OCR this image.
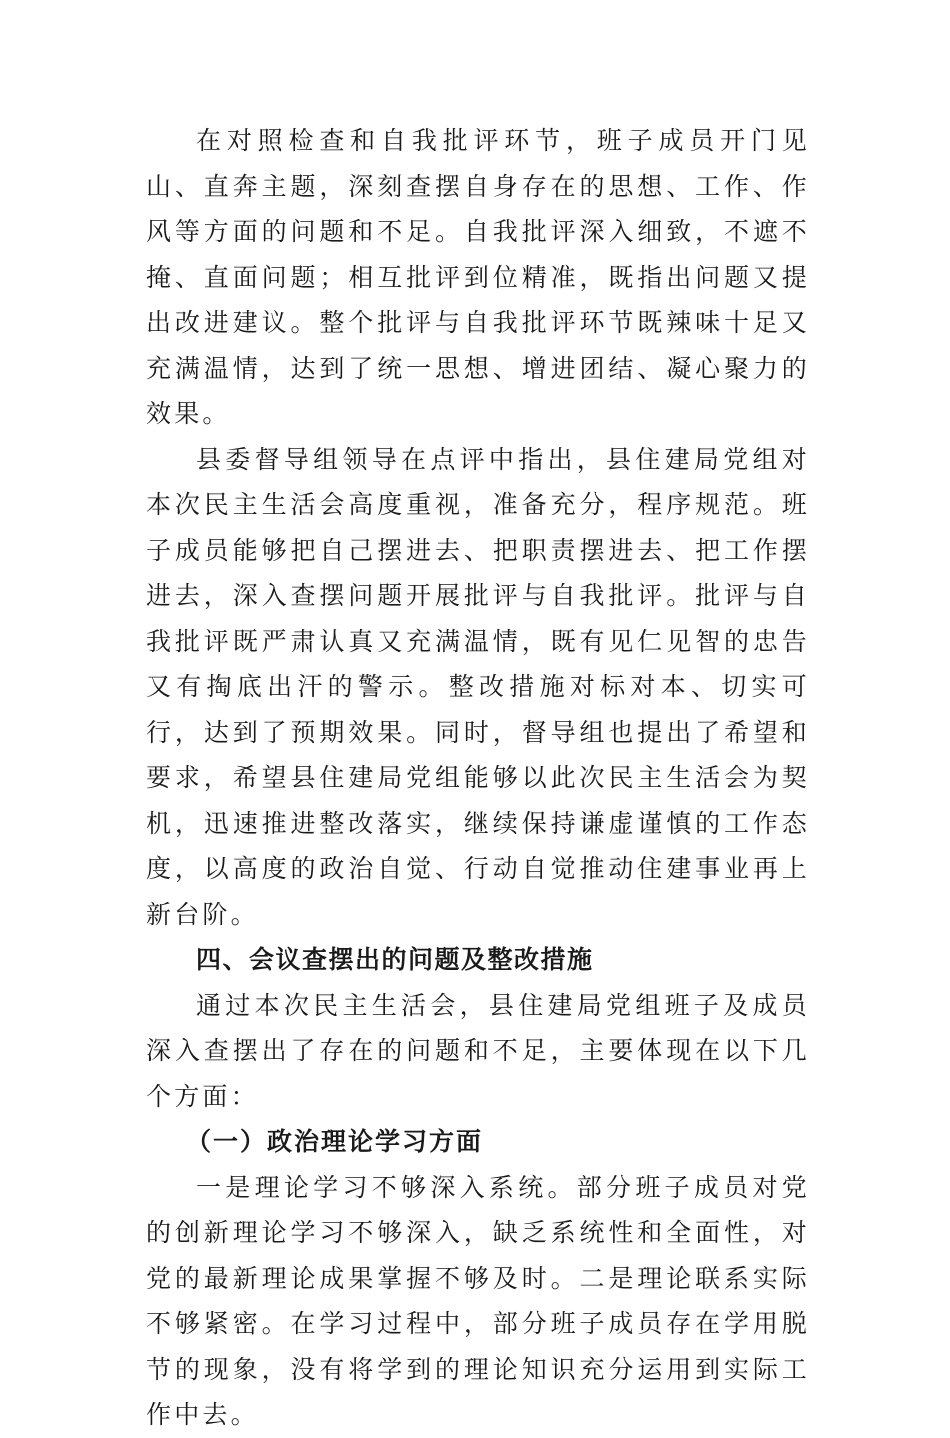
在对照检查和自我批评环节，班子成员开门见山、直奔主题，深刻查摆自身存在的思想、工作、作风等方面的问题和不足。自我批评深入细致，不遮不掩、直面问题；相互批评到位精准，既指出问题又提出改进建议。整个批评与自我批评环节既辣味十足又充满温情，达到了统一思想、增进团结、凝心聚力的效果。

县委督导组领导在点评中指出，县住建局党组对本次民主生活会高度重视，准备充分，程序规范。班子成员能够把自己摆进去、把职责摆进去、把工作摆进去，深入查摆问题开展批评与自我批评。批评与自我批评既严肃认真又充满温情，既有见仁见智的忠告又有掏底出汗的警示。整改措施对标对本、切实可行，达到了预期效果。同时，督导组也提出了希望和要求，希望县住建局党组能够以此次民主生活会为契机，迅速推进整改落实，继续保持谦虚谨慎的工作态度，以高度的政治自觉、行动自觉推动住建事业再上新台阶。

四、会议查摆出的问题及整改措施

通过本次民主生活会，县住建局党组班子及成员深入查摆出了存在的问题和不足，主要体现在以下几个方面：

（一）政治理论学习方面

一是理论学习不够深入系统。部分班子成员对党的创新理论学习不够深入，缺乏系统性和全面性，对党的最新理论成果掌握不够及时。二是理论联系实际不够紧密。在学习过程中，部分班子成员存在学用脱节的现象，没有将学到的理论知识充分运用到实际工作中去。
